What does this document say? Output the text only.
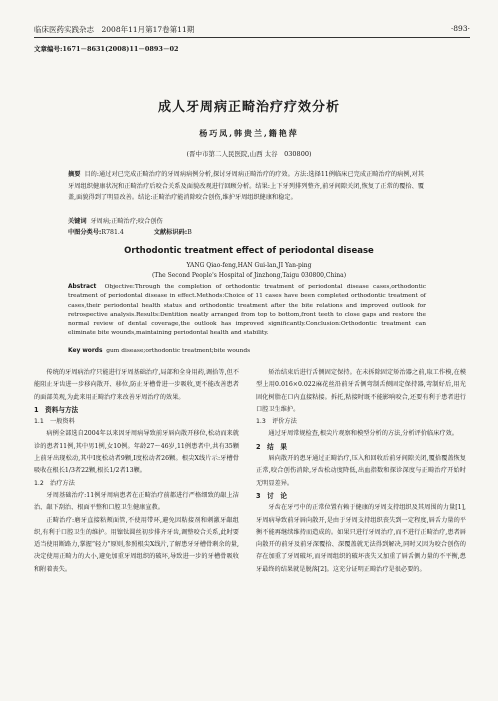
临床医药实践杂志　2008年11月第17卷第11期	·893·
文章编号:1671－8631(2008)11－0893－02
成人牙周病正畸治疗疗效分析
杨巧凤,韩贵兰,籍艳萍
(晋中市第二人民医院,山西 太谷　030800)
摘要 目的:通过对已完成正畸治疗的牙周病病例分析,探讨牙周病正畸治疗的疗效。方法:选择11例临床已完成正畸治疗的病例,对其牙周组织健康状况和正畸治疗后咬合关系及面貌改观进行回顾分析。结果:上下牙列排列整齐,前牙间隙关闭,恢复了正常的覆拾、覆盖,面貌得到了明显改善。结论:正畸治疗能消除咬合创伤,维护牙周组织健康和稳定。
关键词 牙周病;正畸治疗;咬合创伤
中图分类号:R781.4	文献标识码:B
Orthodontic treatment effect of periodontal disease
YANG Qiao-feng,HAN Gui-lan,JI Yan-ping
(The Second People's Hospital of Jinzhong,Taigu 030800,China)
Abstract Objective:Through the completion of orthodontic treatment of periodontal disease cases,orthodontic treatment of periodontal disease in effect.Methods:Choice of 11 cases have been completed orthodontic treatment of cases,their periodontal health status and orthodontic treatment after the bite relations and improved outlook for retrospective analysis.Results:Dentition neatly arranged from top to bottom,front teeth to close gaps and restore the normal review of dental coverage,the outlook has improved significantly.Conclusion:Orthodontic treatment can eliminate bite wounds,maintaining periodontal health and stability.
Key words gum disease;orthodontic treatment;bite wounds

传统的牙周病治疗只能进行牙周基础治疗,局部和全身用药,调拾等,但不能阻止牙齿进一步移向散开、移位,防止牙槽骨进一步吸收,更不能改善患者的面部美观,为此来用正畸治疗来改善牙周治疗的效果。

1　资料与方法
1.1　一般资料

病例全部选自2004年以来因牙周病导致前牙唇向散开移位,松动而来就诊的患者11例,其中男1例,女10例。年龄27～46岁,11例患者中,共有35颗上前牙出现松动,其中Ⅰ度松动者9颗,Ⅰ度松动者26颗。根尖X线片示:牙槽骨吸收在根长1/3者22颗,根长1/2者13颗。

1.2　治疗方法

牙周基础治疗:11例牙周病患者在正畸治疗前都进行严格细致的龈上洁治、龈下刮治、根面平整和口腔卫生健康宣教。

正畸治疗:磨牙直接粘颊面管,不使用带环,避免因粘接剂和刺激牙龈组织,有利于口腔卫生的维护。用镍钛圆丝初步排齐牙齿,调整咬合关系,此时要适当使用断路力,掌握“轻力”原则,参照根尖X线片,了解患牙牙槽骨剩余的量,决定使用正畸力的大小,避免加重牙周组织的破坏,导致进一步的牙槽骨吸收和附着丧失。

矫治结束后进行舌侧固定保持。在未拆除固定矫治器之前,取工作模,在模型上用0.016×0.022麻花丝沿前牙舌侧弯制舌侧固定保持器,弯制好后,用光固化树脂在口内直接粘接。拆托,粘接时既不能影响咬合,还要有利于患者进行口腔卫生维护。

1.3　评价方法

通过牙周常规检查,根尖片观察和模型分析的方法,分析评价临床疗效。

2　结　果

唇向散开的患牙通过正畸治疗,压入和回收后前牙间隙关闭,覆拾覆盖恢复正常,咬合创伤消除,牙齿松动度降低,出血指数和探诊深度与正畸治疗开始时无明显差异。

3　讨　论

牙齿在牙弓中的正常位置有赖于健康的牙周支持组织及其周围的力量[1],牙周病导致前牙唇向散开,是由于牙周支持组织丧失到一定程度,唇舌力量的平衡不能再继续维持而造成的。如果只进行牙周治疗,而不进行正畸治疗,患者唇向散开的前牙及前牙深覆拾、深覆盖就无法得到解决,同时又因为咬合创伤的存在加重了牙周破坏,而牙周组织的破坏丧失又加重了唇舌侧力量的不平衡,患牙最终的结果就是脱落[2]。这充分证明正畸治疗是很必要的。
